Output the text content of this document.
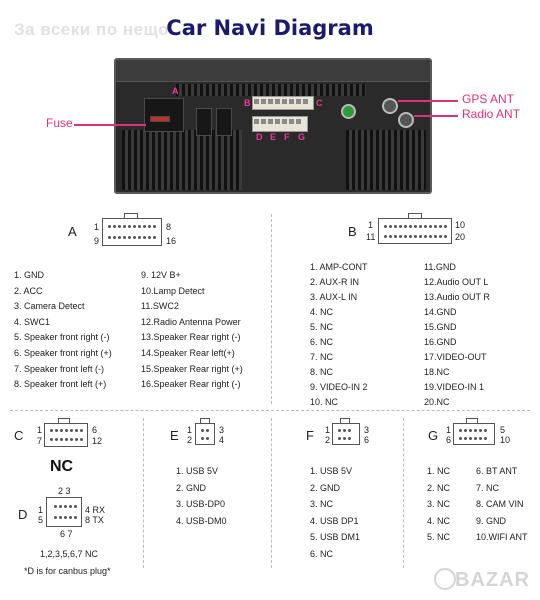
За всеки по нещо
Car Navi Diagram
A
B	C
D E F G
Fuse
GPS ANT
Radio ANT
A 1	8
9	16
1. GND
2. ACC
3. Camera Detect
4. SWC1
5. Speaker front right (-)
6. Speaker front right (+)
7. Speaker front left (-)
8. Speaker front left (+)
9. 12V B+
10.Lamp Detect
11.SWC2
12.Radio Antenna Power
13.Speaker Rear right (-)
14.Speaker Rear left(+)
15.Speaker Rear right (+)
16.Speaker Rear right (-)
B 1	10
11	20
1. AMP-CONT
2. AUX-R IN
3. AUX-L IN
4. NC
5. NC
6. NC
7. NC
8. NC
9. VIDEO-IN 2
10. NC
11.GND
12.Audio OUT L
13.Audio OUT R
14.GND
15.GND
16.GND
17.VIDEO-OUT
18.NC
19.VIDEO-IN 1
20.NC
C 1	6
7	12
NC
D
2 3
1
5
4 RX
8 TX
6 7
1,2,3,5,6,7 NC
*D is for canbus plug*
E 1	3
2	4
1. USB 5V
2. GND
3. USB-DP0
4. USB-DM0
F 1	3
2	6
1. USB 5V
2. GND
3. NC
4. USB DP1
5. USB DM1
6. NC
G 1	5
6	10
1. NC
2. NC
3. NC
4. NC
5. NC
6. BT ANT
7. NC
8. CAM VIN
9. GND
10.WIFI ANT
BAZAR
